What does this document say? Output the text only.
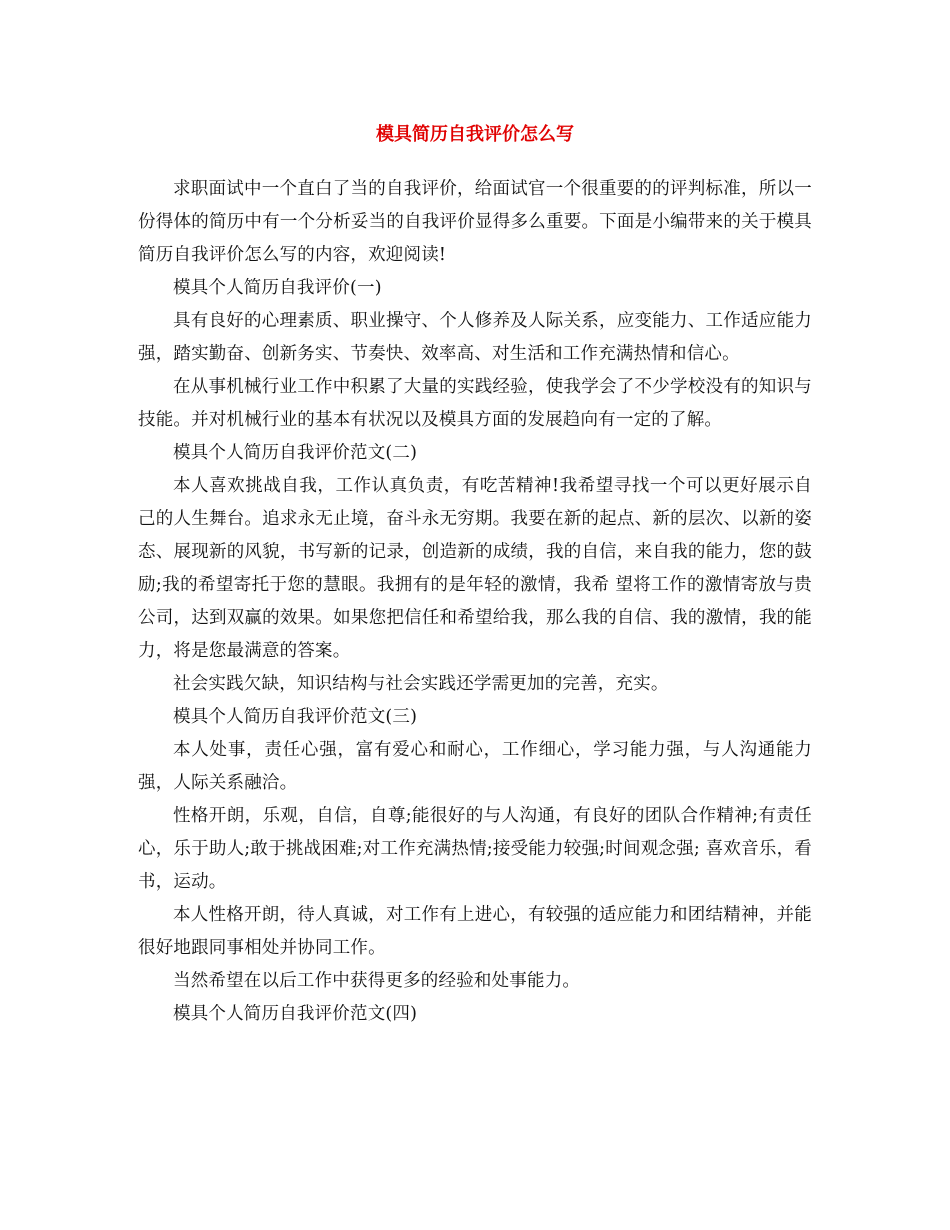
模具简历自我评价怎么写

求职面试中一个直白了当的自我评价，给面试官一个很重要的的评判标准，所以一份得体的简历中有一个分析妥当的自我评价显得多么重要。下面是小编带来的关于模具简历自我评价怎么写的内容，欢迎阅读!

模具个人简历自我评价(一)

具有良好的心理素质、职业操守、个人修养及人际关系，应变能力、工作适应能力强，踏实勤奋、创新务实、节奏快、效率高、对生活和工作充满热情和信心。

在从事机械行业工作中积累了大量的实践经验，使我学会了不少学校没有的知识与技能。并对机械行业的基本有状况以及模具方面的发展趋向有一定的了解。

模具个人简历自我评价范文(二)

本人喜欢挑战自我，工作认真负责，有吃苦精神!我希望寻找一个可以更好展示自己的人生舞台。追求永无止境，奋斗永无穷期。我要在新的起点、新的层次、以新的姿态、展现新的风貌，书写新的记录，创造新的成绩，我的自信，来自我的能力，您的鼓励;我的希望寄托于您的慧眼。我拥有的是年轻的激情，我希 望将工作的激情寄放与贵公司，达到双赢的效果。如果您把信任和希望给我，那么我的自信、我的激情，我的能力，将是您最满意的答案。

社会实践欠缺，知识结构与社会实践还学需更加的完善，充实。

模具个人简历自我评价范文(三)

本人处事，责任心强，富有爱心和耐心，工作细心，学习能力强，与人沟通能力强，人际关系融洽。

性格开朗，乐观，自信，自尊;能很好的与人沟通，有良好的团队合作精神;有责任心，乐于助人;敢于挑战困难;对工作充满热情;接受能力较强;时间观念强; 喜欢音乐，看书，运动。

本人性格开朗，待人真诚，对工作有上进心，有较强的适应能力和团结精神，并能很好地跟同事相处并协同工作。

当然希望在以后工作中获得更多的经验和处事能力。

模具个人简历自我评价范文(四)
